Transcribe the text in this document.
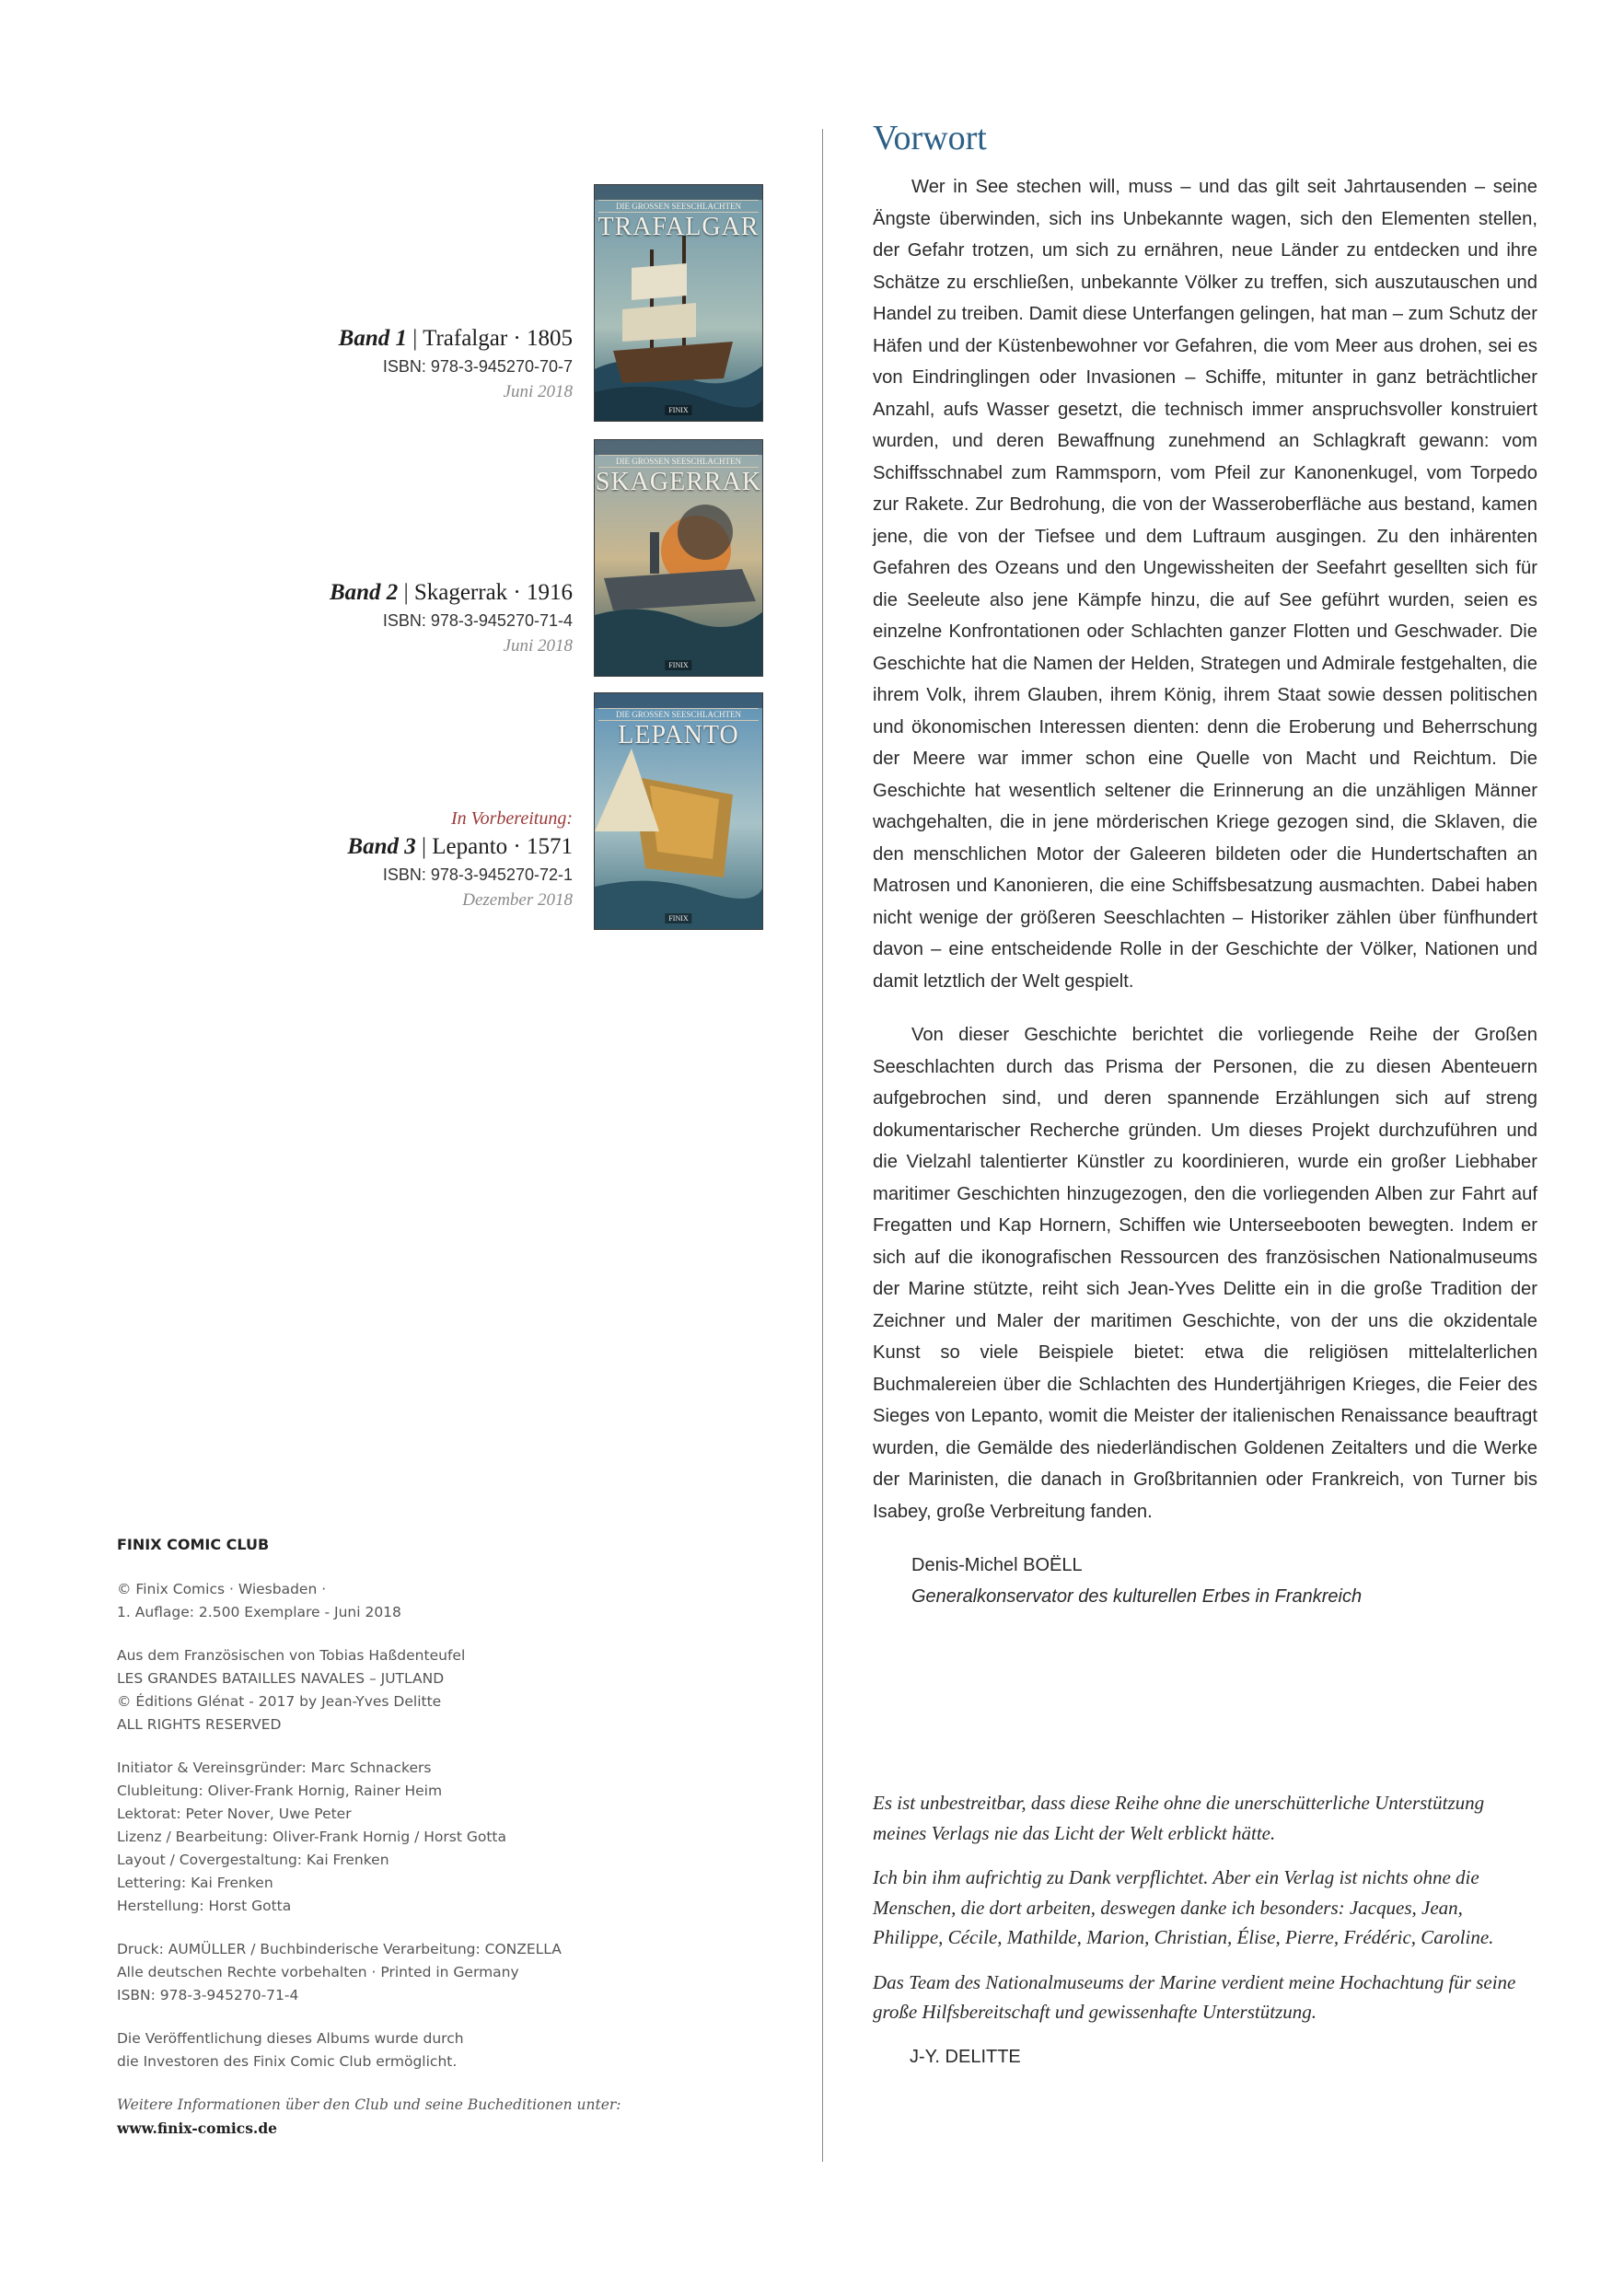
Band 1 | Trafalgar · 1805
ISBN: 978-3-945270-70-7
Juni 2018
DIE GROSSEN SEESCHLACHTEN
TRAFALGAR
FINIX
Band 2 | Skagerrak · 1916
ISBN: 978-3-945270-71-4
Juni 2018
DIE GROSSEN SEESCHLACHTEN
SKAGERRAK
FINIX
In Vorbereitung:
Band 3 | Lepanto · 1571
ISBN: 978-3-945270-72-1
Dezember 2018
DIE GROSSEN SEESCHLACHTEN
LEPANTO
FINIX
FINIX COMIC CLUB

© Finix Comics · Wiesbaden ·
1. Auflage: 2.500 Exemplare - Juni 2018

Aus dem Französischen von Tobias Haßdenteufel
LES GRANDES BATAILLES NAVALES – JUTLAND
© Éditions Glénat - 2017 by Jean-Yves Delitte
ALL RIGHTS RESERVED

Initiator & Vereinsgründer: Marc Schnackers
Clubleitung: Oliver-Frank Hornig, Rainer Heim
Lektorat: Peter Nover, Uwe Peter
Lizenz / Bearbeitung: Oliver-Frank Hornig / Horst Gotta
Layout / Covergestaltung: Kai Frenken
Lettering: Kai Frenken
Herstellung: Horst Gotta

Druck: AUMÜLLER / Buchbinderische Verarbeitung: CONZELLA
Alle deutschen Rechte vorbehalten · Printed in Germany
ISBN: 978-3-945270-71-4

Die Veröffentlichung dieses Albums wurde durch
die Investoren des Finix Comic Club ermöglicht.

Weitere Informationen über den Club und seine Bucheditionen unter:

www.finix-comics.de
Vorwort

Wer in See stechen will, muss – und das gilt seit Jahrtausenden – seine Ängste überwinden, sich ins Unbekannte wagen, sich den Elementen stellen, der Gefahr trotzen, um sich zu ernähren, neue Länder zu entdecken und ihre Schätze zu erschließen, unbekannte Völker zu treffen, sich auszutauschen und Handel zu treiben. Damit diese Unterfangen gelingen, hat man – zum Schutz der Häfen und der Küstenbewohner vor Gefahren, die vom Meer aus drohen, sei es von Eindringlingen oder Invasionen – Schiffe, mitunter in ganz beträchtlicher Anzahl, aufs Wasser gesetzt, die technisch immer anspruchsvoller konstruiert wurden, und deren Bewaffnung zunehmend an Schlagkraft gewann: vom Schiffsschnabel zum Rammsporn, vom Pfeil zur Kanonenkugel, vom Torpedo zur Rakete. Zur Bedrohung, die von der Wasseroberfläche aus bestand, kamen jene, die von der Tiefsee und dem Luftraum ausgingen. Zu den inhärenten Gefahren des Ozeans und den Ungewissheiten der Seefahrt gesellten sich für die Seeleute also jene Kämpfe hinzu, die auf See geführt wurden, seien es einzelne Konfrontationen oder Schlachten ganzer Flotten und Geschwader. Die Geschichte hat die Namen der Helden, Strategen und Admirale festgehalten, die ihrem Volk, ihrem Glauben, ihrem König, ihrem Staat sowie dessen politischen und ökonomischen Interessen dienten: denn die Eroberung und Beherrschung der Meere war immer schon eine Quelle von Macht und Reichtum. Die Geschichte hat wesentlich seltener die Erinnerung an die unzähligen Männer wachgehalten, die in jene mörderischen Kriege gezogen sind, die Sklaven, die den menschlichen Motor der Galeeren bildeten oder die Hundertschaften an Matrosen und Kanonieren, die eine Schiffsbesatzung ausmachten. Dabei haben nicht wenige der größeren Seeschlachten – Historiker zählen über fünfhundert davon – eine entscheidende Rolle in der Geschichte der Völker, Nationen und damit letztlich der Welt gespielt.

Von dieser Geschichte berichtet die vorliegende Reihe der Großen Seeschlachten durch das Prisma der Personen, die zu diesen Abenteuern aufgebrochen sind, und deren spannende Erzählungen sich auf streng dokumentarischer Recherche gründen. Um dieses Projekt durchzuführen und die Vielzahl talentierter Künstler zu koordinieren, wurde ein großer Liebhaber maritimer Geschichten hinzugezogen, den die vorliegenden Alben zur Fahrt auf Fregatten und Kap Hornern, Schiffen wie Unterseebooten bewegten. Indem er sich auf die ikonografischen Ressourcen des französischen Nationalmuseums der Marine stützte, reiht sich Jean-Yves Delitte ein in die große Tradition der Zeichner und Maler der maritimen Geschichte, von der uns die okzidentale Kunst so viele Beispiele bietet: etwa die religiösen mittelalterlichen Buchmalereien über die Schlachten des Hundertjährigen Krieges, die Feier des Sieges von Lepanto, womit die Meister der italienischen Renaissance beauftragt wurden, die Gemälde des niederländischen Goldenen Zeitalters und die Werke der Marinisten, die danach in Großbritannien oder Frankreich, von Turner bis Isabey, große Verbreitung fanden.

Denis-Michel BOËLL
Generalkonservator des kulturellen Erbes in Frankreich

Es ist unbestreitbar, dass diese Reihe ohne die unerschütterliche Unterstützung meines Verlags nie das Licht der Welt erblickt hätte.

Ich bin ihm aufrichtig zu Dank verpflichtet. Aber ein Verlag ist nichts ohne die Menschen, die dort arbeiten, deswegen danke ich besonders: Jacques, Jean, Philippe, Cécile, Mathilde, Marion, Christian, Élise, Pierre, Frédéric, Caroline.

Das Team des Nationalmuseums der Marine verdient meine Hochachtung für seine große Hilfsbereitschaft und gewissenhafte Unterstützung.

J-Y. DELITTE
